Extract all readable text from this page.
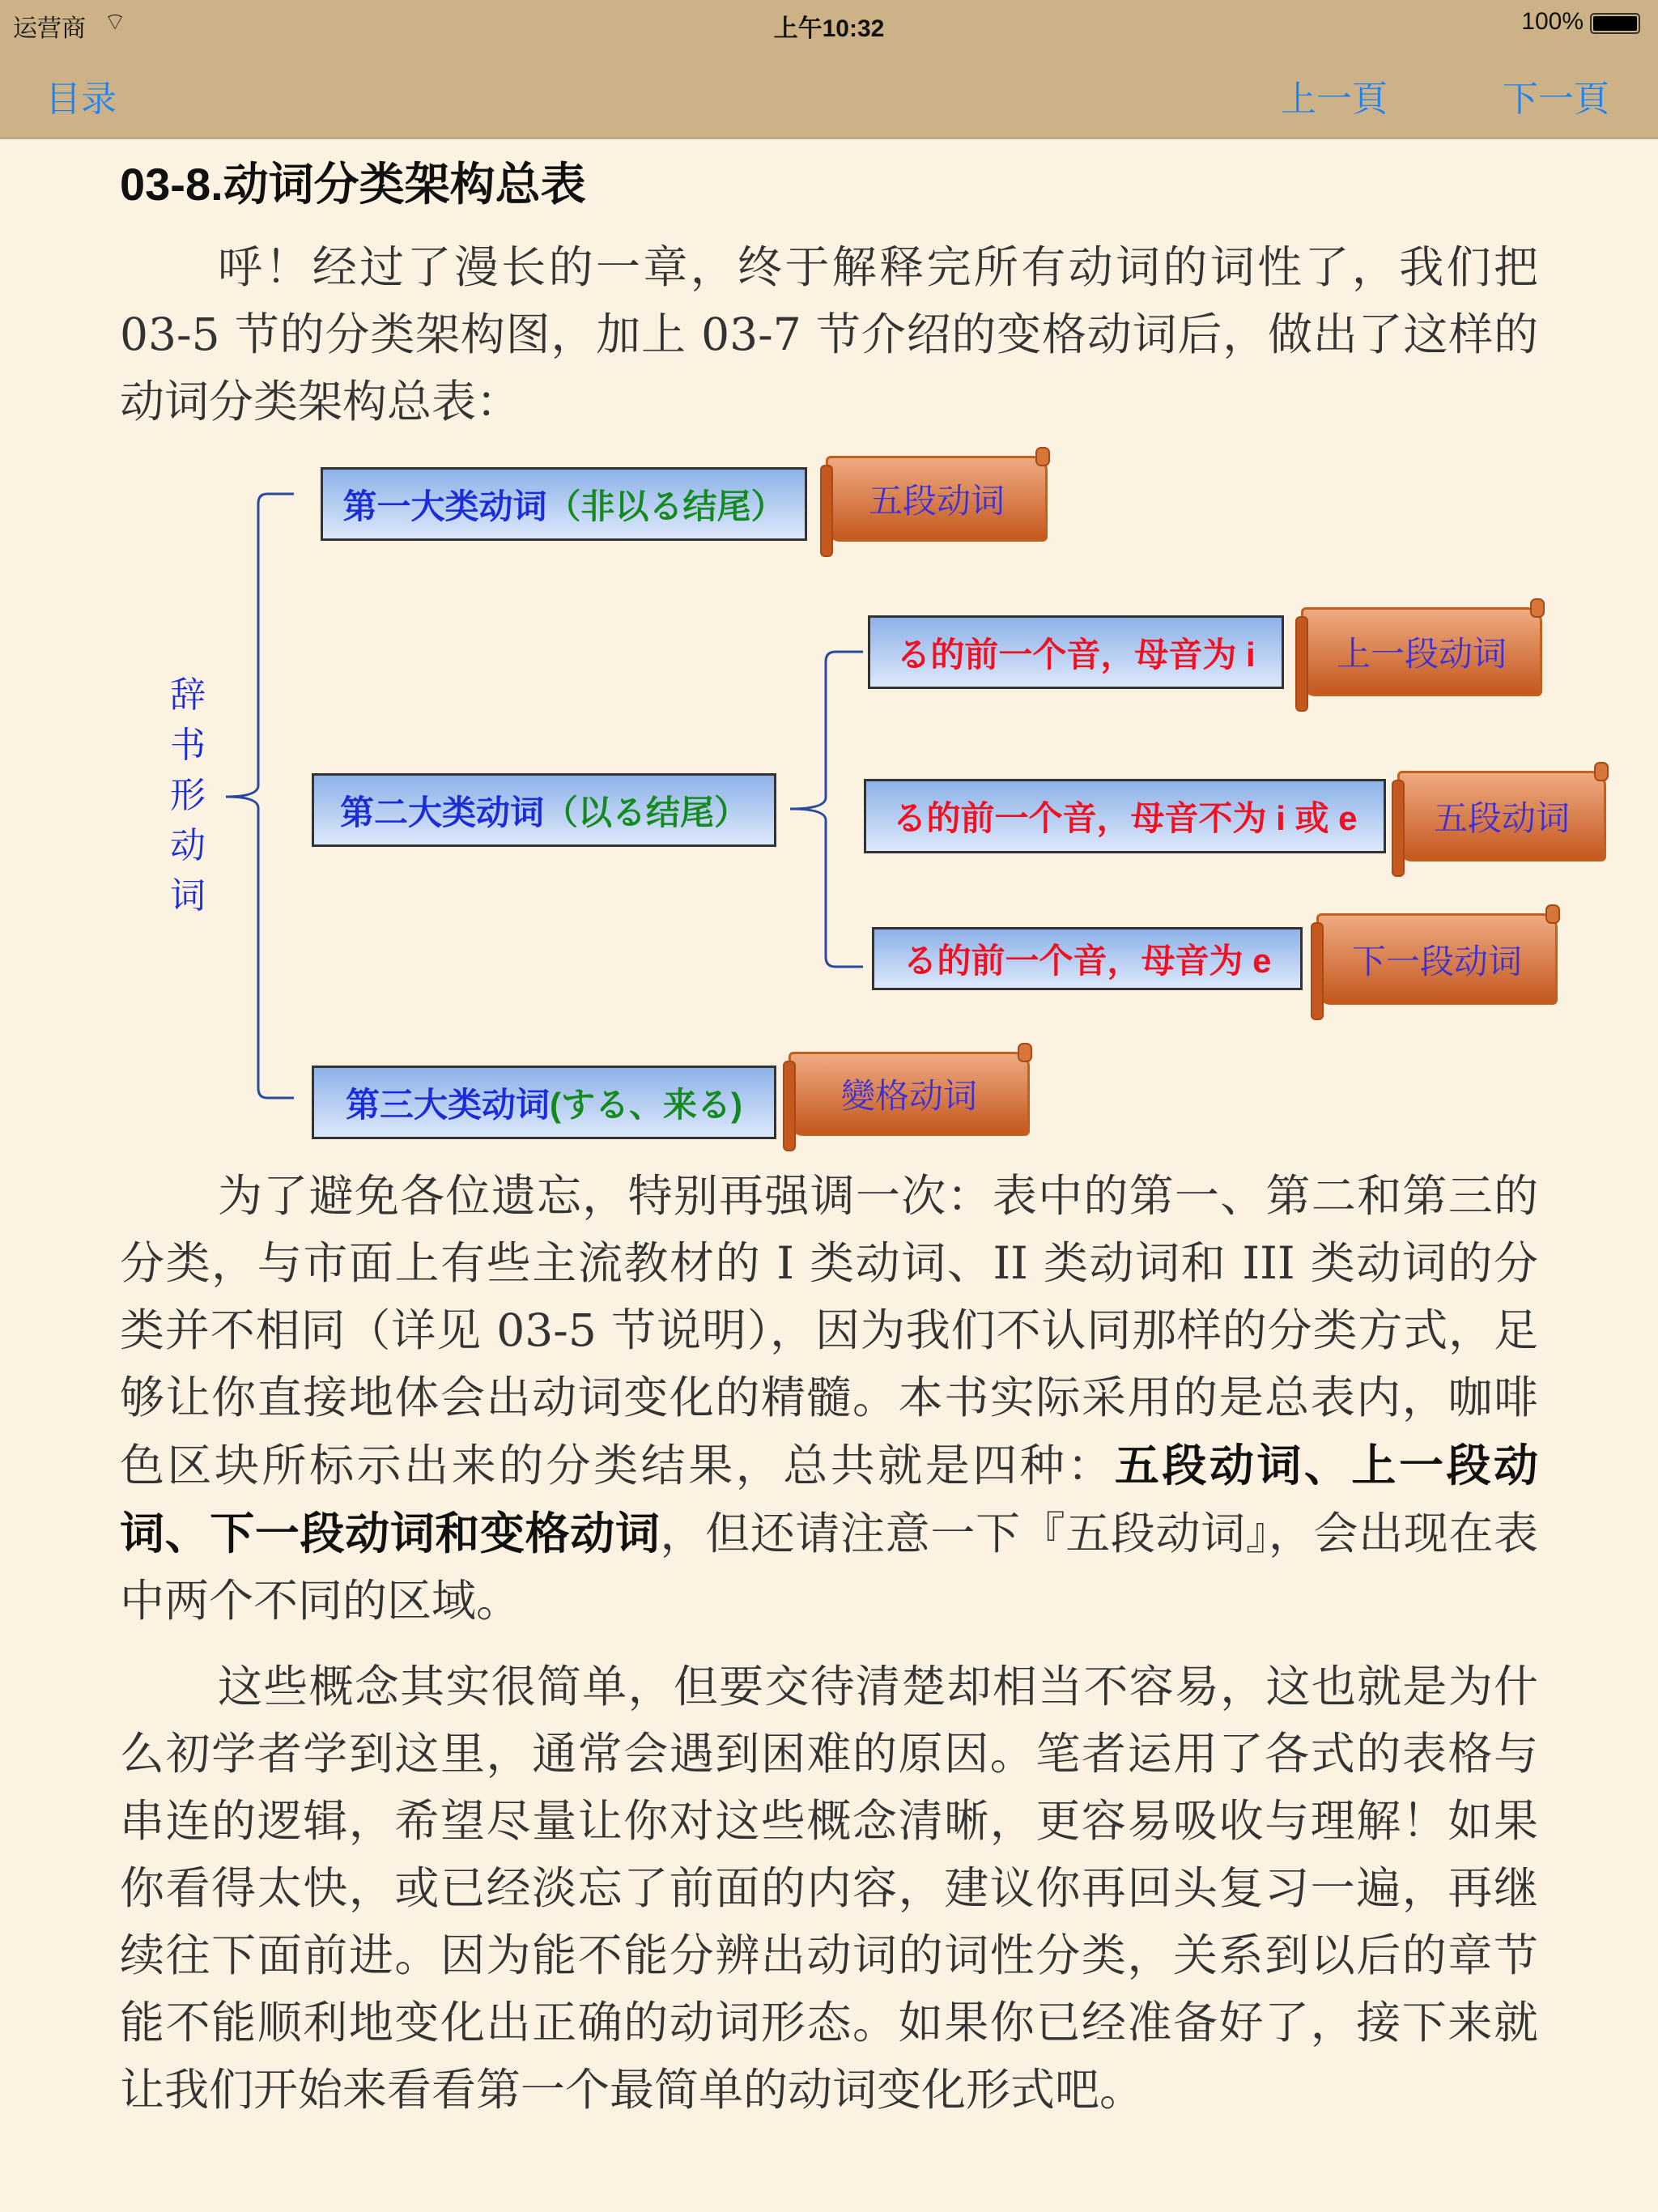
运营商 ⌔	上午10:32	100%
目录	上一頁	下一頁
03-8.动词分类架构总表

呼！经过了漫长的一章，终于解释完所有动词的词性了，我们把 03-5 节的分类架构图，加上 03-7 节介绍的变格动词后，做出了这样的动词分类架构总表：

辞书形动词
第一大类动词 （非以る结尾）	五段动词
第二大类动词 （以る结尾）
る的前一个音，母音为 i	上一段动词
る的前一个音，母音不为 i 或 e	五段动词
る的前一个音，母音为 e	下一段动词
第三大类动词 (する、来る)	變格动词

为了避免各位遗忘，特别再强调一次：表中的第一、第二和第三的分类，与市面上有些主流教材的 I 类动词、II 类动词和 III 类动词的分类并不相同（详见 03-5 节说明），因为我们不认同那样的分类方式，足够让你直接地体会出动词变化的精髓。本书实际采用的是总表内，咖啡色区块所标示出来的分类结果，总共就是四种：五段动词、上一段动词、下一段动词和变格动词，但还请注意一下『五段动词』，会出现在表中两个不同的区域。

这些概念其实很简单，但要交待清楚却相当不容易，这也就是为什么初学者学到这里，通常会遇到困难的原因。笔者运用了各式的表格与串连的逻辑，希望尽量让你对这些概念清晰，更容易吸收与理解！如果你看得太快，或已经淡忘了前面的内容，建议你再回头复习一遍，再继续往下面前进。因为能不能分辨出动词的词性分类，关系到以后的章节能不能顺利地变化出正确的动词形态。如果你已经准备好了，接下来就让我们开始来看看第一个最简单的动词变化形式吧。
